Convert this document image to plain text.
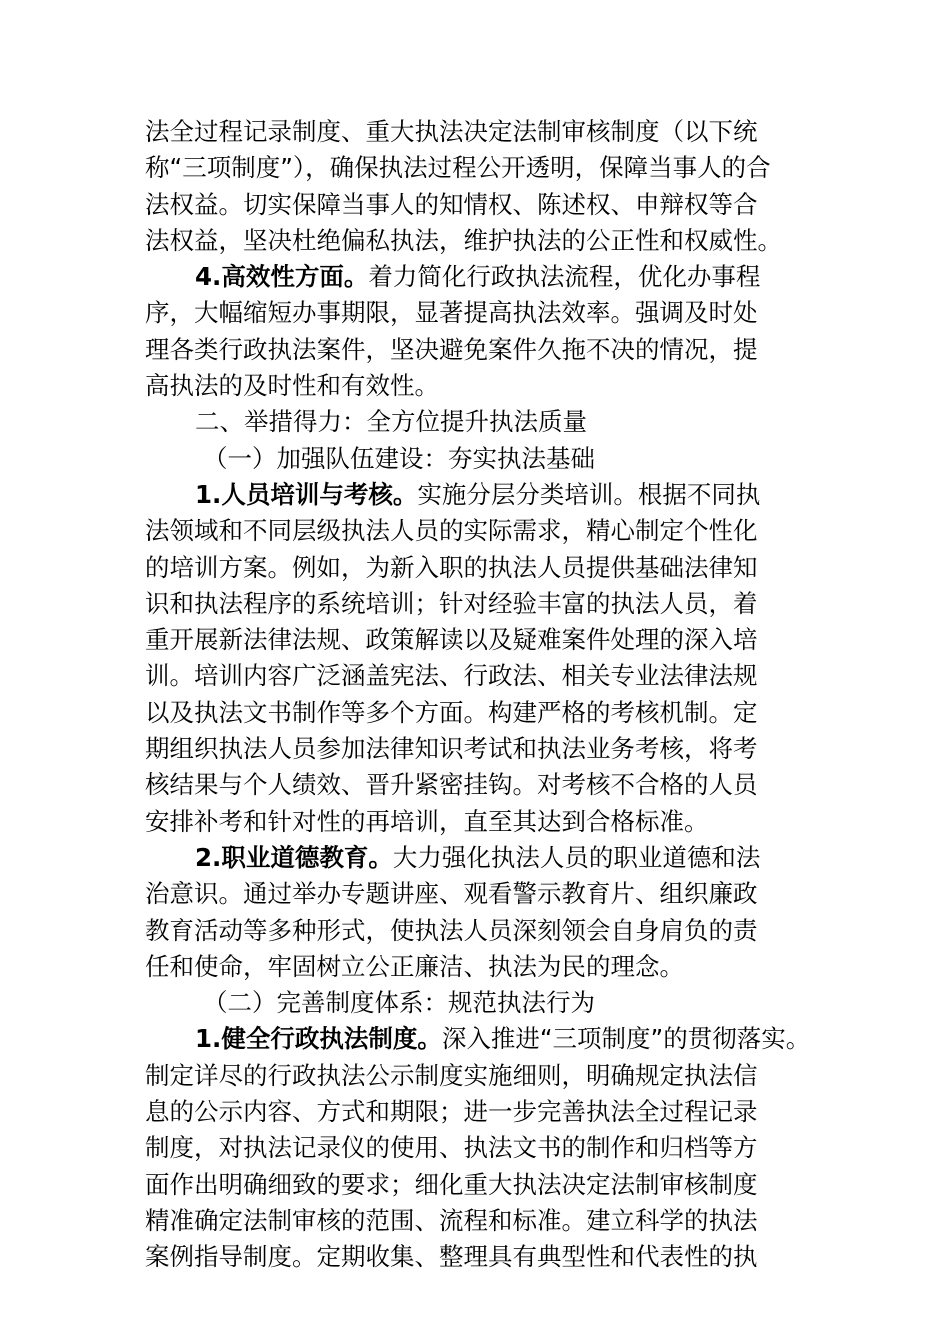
法全过程记录制度、重大执法决定法制审核制度（以下统
称“三项制度”），确保执法过程公开透明，保障当事人的合
法权益。切实保障当事人的知情权、陈述权、申辩权等合
法权益，坚决杜绝偏私执法，维护执法的公正性和权威性。
4.高效性方面。着力简化行政执法流程，优化办事程
序，大幅缩短办事期限，显著提高执法效率。强调及时处
理各类行政执法案件，坚决避免案件久拖不决的情况，提
高执法的及时性和有效性。
二、举措得力：全方位提升执法质量
（一）加强队伍建设：夯实执法基础
1.人员培训与考核。实施分层分类培训。根据不同执
法领域和不同层级执法人员的实际需求，精心制定个性化
的培训方案。例如，为新入职的执法人员提供基础法律知
识和执法程序的系统培训；针对经验丰富的执法人员，着
重开展新法律法规、政策解读以及疑难案件处理的深入培
训。培训内容广泛涵盖宪法、行政法、相关专业法律法规
以及执法文书制作等多个方面。构建严格的考核机制。定
期组织执法人员参加法律知识考试和执法业务考核，将考
核结果与个人绩效、晋升紧密挂钩。对考核不合格的人员
安排补考和针对性的再培训，直至其达到合格标准。
2.职业道德教育。大力强化执法人员的职业道德和法
治意识。通过举办专题讲座、观看警示教育片、组织廉政
教育活动等多种形式，使执法人员深刻领会自身肩负的责
任和使命，牢固树立公正廉洁、执法为民的理念。
（二）完善制度体系：规范执法行为
1.健全行政执法制度。深入推进“三项制度”的贯彻落实。
制定详尽的行政执法公示制度实施细则，明确规定执法信
息的公示内容、方式和期限；进一步完善执法全过程记录
制度，对执法记录仪的使用、执法文书的制作和归档等方
面作出明确细致的要求；细化重大执法决定法制审核制度
精准确定法制审核的范围、流程和标准。建立科学的执法
案例指导制度。定期收集、整理具有典型性和代表性的执
